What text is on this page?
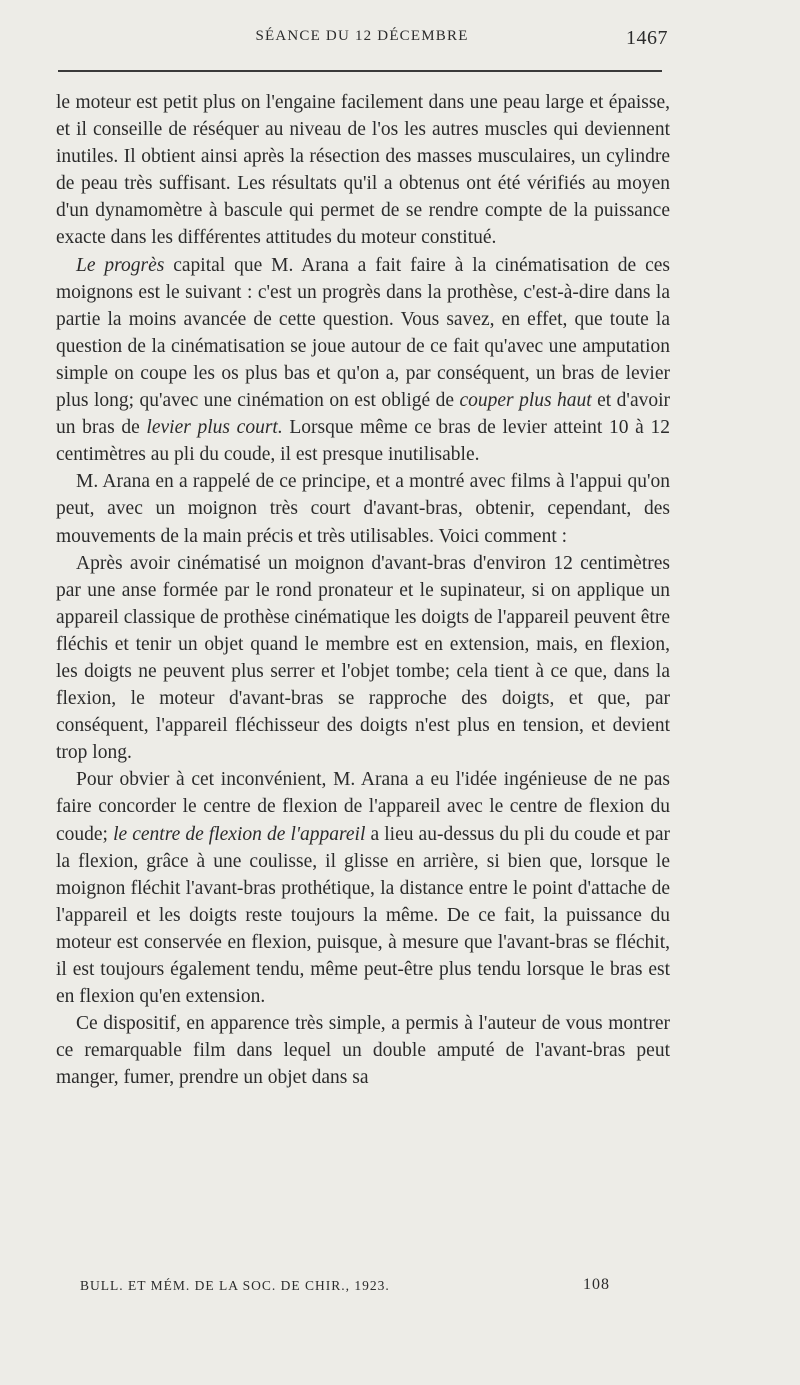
SÉANCE DU 12 DÉCEMBRE	1467

le moteur est petit plus on l'engaine facilement dans une peau large et épaisse, et il conseille de réséquer au niveau de l'os les autres muscles qui deviennent inutiles. Il obtient ainsi après la résection des masses musculaires, un cylindre de peau très suffisant. Les résultats qu'il a obtenus ont été vérifiés au moyen d'un dynamomètre à bascule qui permet de se rendre compte de la puissance exacte dans les différentes attitudes du moteur constitué.

Le progrès capital que M. Arana a fait faire à la cinématisation de ces moignons est le suivant : c'est un progrès dans la prothèse, c'est-à-dire dans la partie la moins avancée de cette question. Vous savez, en effet, que toute la question de la cinématisation se joue autour de ce fait qu'avec une amputation simple on coupe les os plus bas et qu'on a, par conséquent, un bras de levier plus long; qu'avec une cinémation on est obligé de couper plus haut et d'avoir un bras de levier plus court. Lorsque même ce bras de levier atteint 10 à 12 centimètres au pli du coude, il est presque inutilisable.

M. Arana en a rappelé de ce principe, et a montré avec films à l'appui qu'on peut, avec un moignon très court d'avant-bras, obtenir, cependant, des mouvements de la main précis et très utilisables. Voici comment :

Après avoir cinématisé un moignon d'avant-bras d'environ 12 centimètres par une anse formée par le rond pronateur et le supinateur, si on applique un appareil classique de prothèse cinématique les doigts de l'appareil peuvent être fléchis et tenir un objet quand le membre est en extension, mais, en flexion, les doigts ne peuvent plus serrer et l'objet tombe; cela tient à ce que, dans la flexion, le moteur d'avant-bras se rapproche des doigts, et que, par conséquent, l'appareil fléchisseur des doigts n'est plus en tension, et devient trop long.

Pour obvier à cet inconvénient, M. Arana a eu l'idée ingénieuse de ne pas faire concorder le centre de flexion de l'appareil avec le centre de flexion du coude; le centre de flexion de l'appareil a lieu au-dessus du pli du coude et par la flexion, grâce à une coulisse, il glisse en arrière, si bien que, lorsque le moignon fléchit l'avant-bras prothétique, la distance entre le point d'attache de l'appareil et les doigts reste toujours la même. De ce fait, la puissance du moteur est conservée en flexion, puisque, à mesure que l'avant-bras se fléchit, il est toujours également tendu, même peut-être plus tendu lorsque le bras est en flexion qu'en extension.

Ce dispositif, en apparence très simple, a permis à l'auteur de vous montrer ce remarquable film dans lequel un double amputé de l'avant-bras peut manger, fumer, prendre un objet dans sa

BULL. ET MÉM. DE LA SOC. DE CHIR., 1923.	108
